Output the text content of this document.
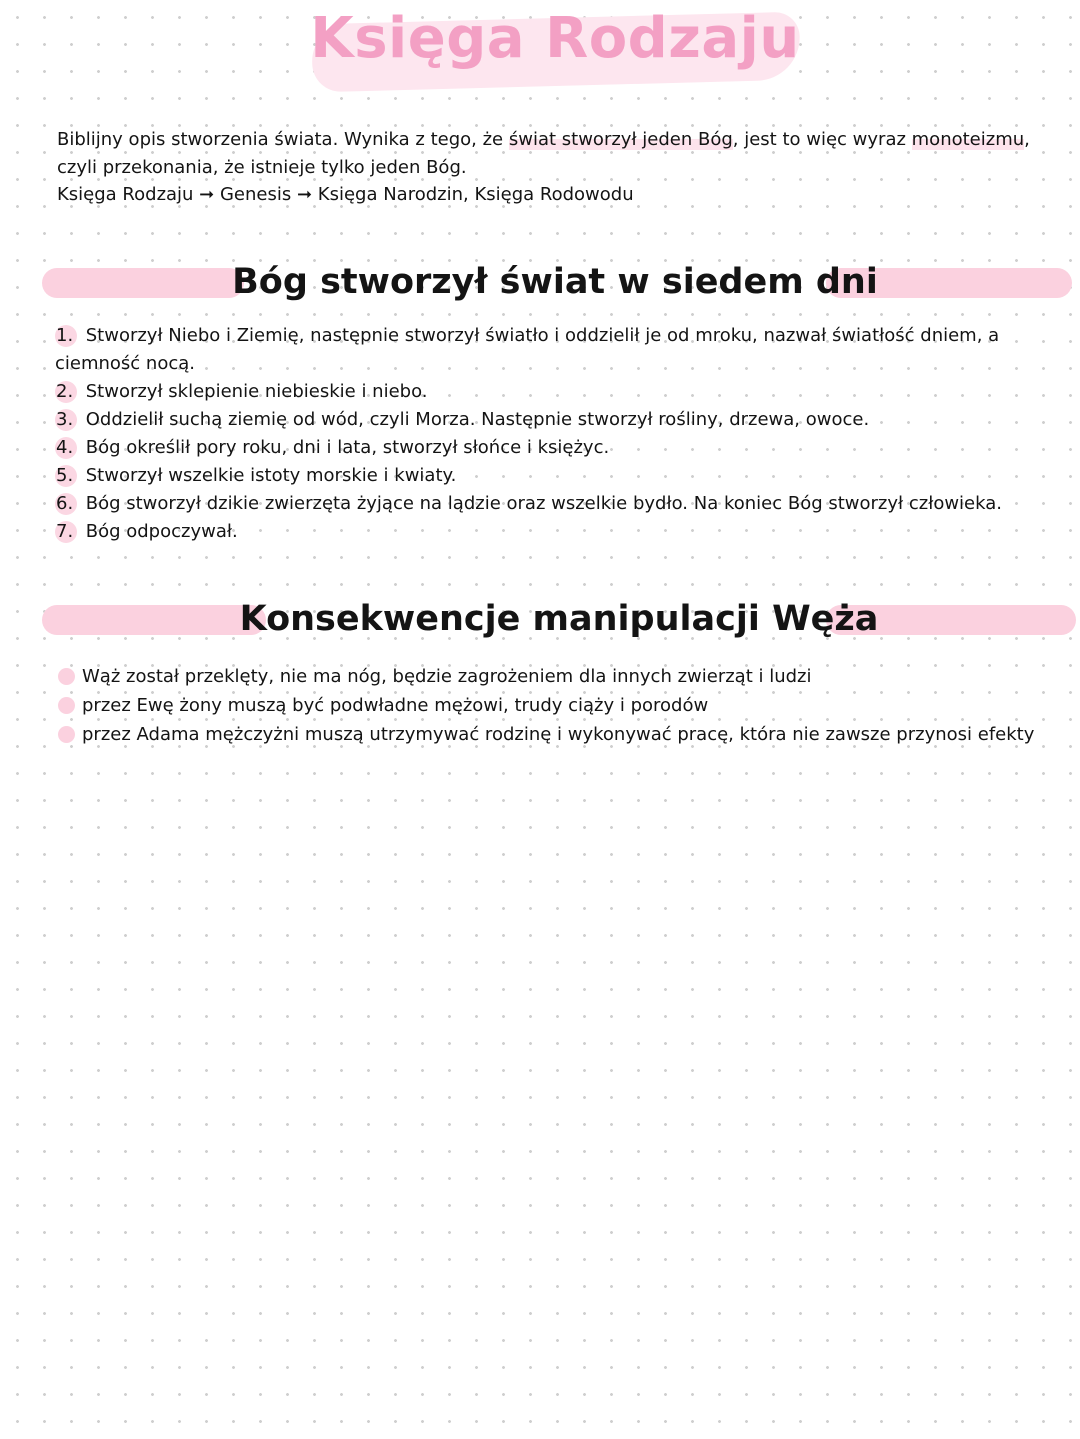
Księga Rodzaju

Biblijny opis stworzenia świata. Wynika z tego, że świat stworzył jeden Bóg, jest to więc wyraz monoteizmu, czyli przekonania, że istnieje tylko jeden Bóg.

Księga Rodzaju ➞ Genesis ➞ Księga Narodzin, Księga Rodowodu

Bóg stworzył świat w siedem dni
1. Stworzył Niebo i Ziemię, następnie stworzył światło i oddzielił je od mroku, nazwał światłość dniem, a ciemność nocą.
2. Stworzył sklepienie niebieskie i niebo.
3. Oddzielił suchą ziemię od wód, czyli Morza. Następnie stworzył rośliny, drzewa, owoce.
4. Bóg określił pory roku, dni i lata, stworzył słońce i księżyc.
5. Stworzył wszelkie istoty morskie i kwiaty.
6. Bóg stworzył dzikie zwierzęta żyjące na lądzie oraz wszelkie bydło. Na koniec Bóg stworzył człowieka.
7. Bóg odpoczywał.
Konsekwencje manipulacji Węża
Wąż został przeklęty, nie ma nóg, będzie zagrożeniem dla innych zwierząt i ludzi
przez Ewę żony muszą być podwładne mężowi, trudy ciąży i porodów
przez Adama mężczyżni muszą utrzymywać rodzinę i wykonywać pracę, która nie zawsze przynosi efekty
